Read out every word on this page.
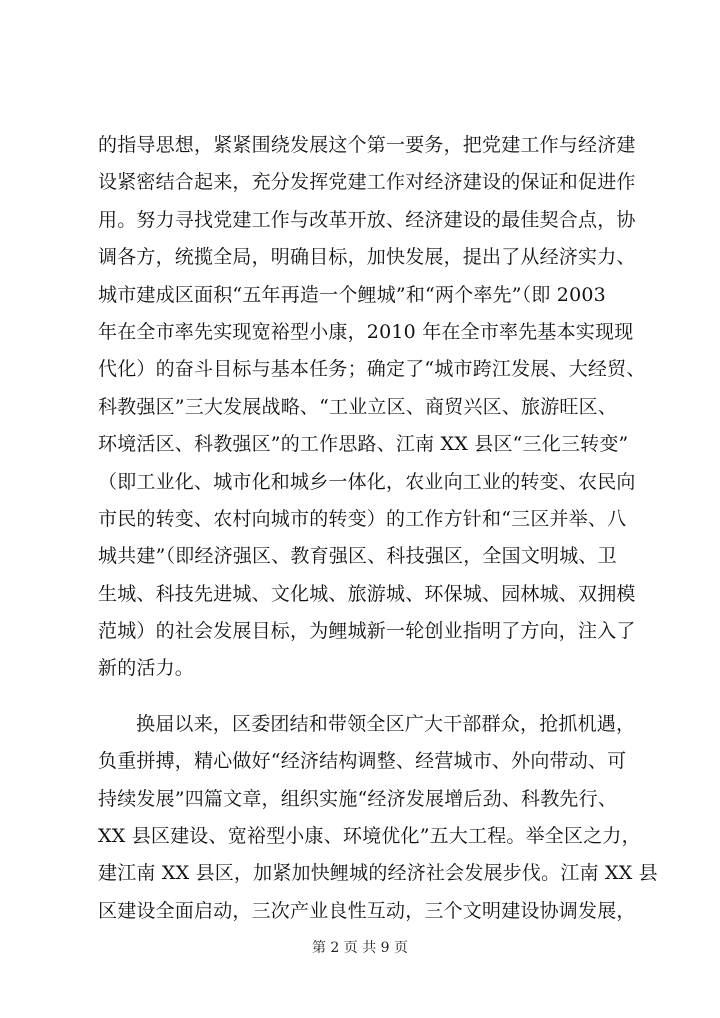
的指导思想，紧紧围绕发展这个第一要务，把党建工作与经济建
设紧密结合起来，充分发挥党建工作对经济建设的保证和促进作
用。努力寻找党建工作与改革开放、经济建设的最佳契合点，协
调各方，统揽全局，明确目标，加快发展，提出了从经济实力、
城市建成区面积“五年再造一个鲤城”和“两个率先”（即 2003
年在全市率先实现宽裕型小康，2010 年在全市率先基本实现现
代化）的奋斗目标与基本任务；确定了“城市跨江发展、大经贸、
科教强区”三大发展战略、“工业立区、商贸兴区、旅游旺区、
环境活区、科教强区”的工作思路、江南 XX 县区“三化三转变”
（即工业化、城市化和城乡一体化，农业向工业的转变、农民向
市民的转变、农村向城市的转变）的工作方针和“三区并举、八
城共建”（即经济强区、教育强区、科技强区，全国文明城、卫
生城、科技先进城、文化城、旅游城、环保城、园林城、双拥模
范城）的社会发展目标，为鲤城新一轮创业指明了方向，注入了
新的活力。
换届以来，区委团结和带领全区广大干部群众，抢抓机遇，
负重拼搏，精心做好“经济结构调整、经营城市、外向带动、可
持续发展”四篇文章，组织实施“经济发展增后劲、科教先行、
XX 县区建设、宽裕型小康、环境优化”五大工程。举全区之力，
建江南 XX 县区，加紧加快鲤城的经济社会发展步伐。江南 XX 县
区建设全面启动，三次产业良性互动，三个文明建设协调发展，
第 2 页 共 9 页
